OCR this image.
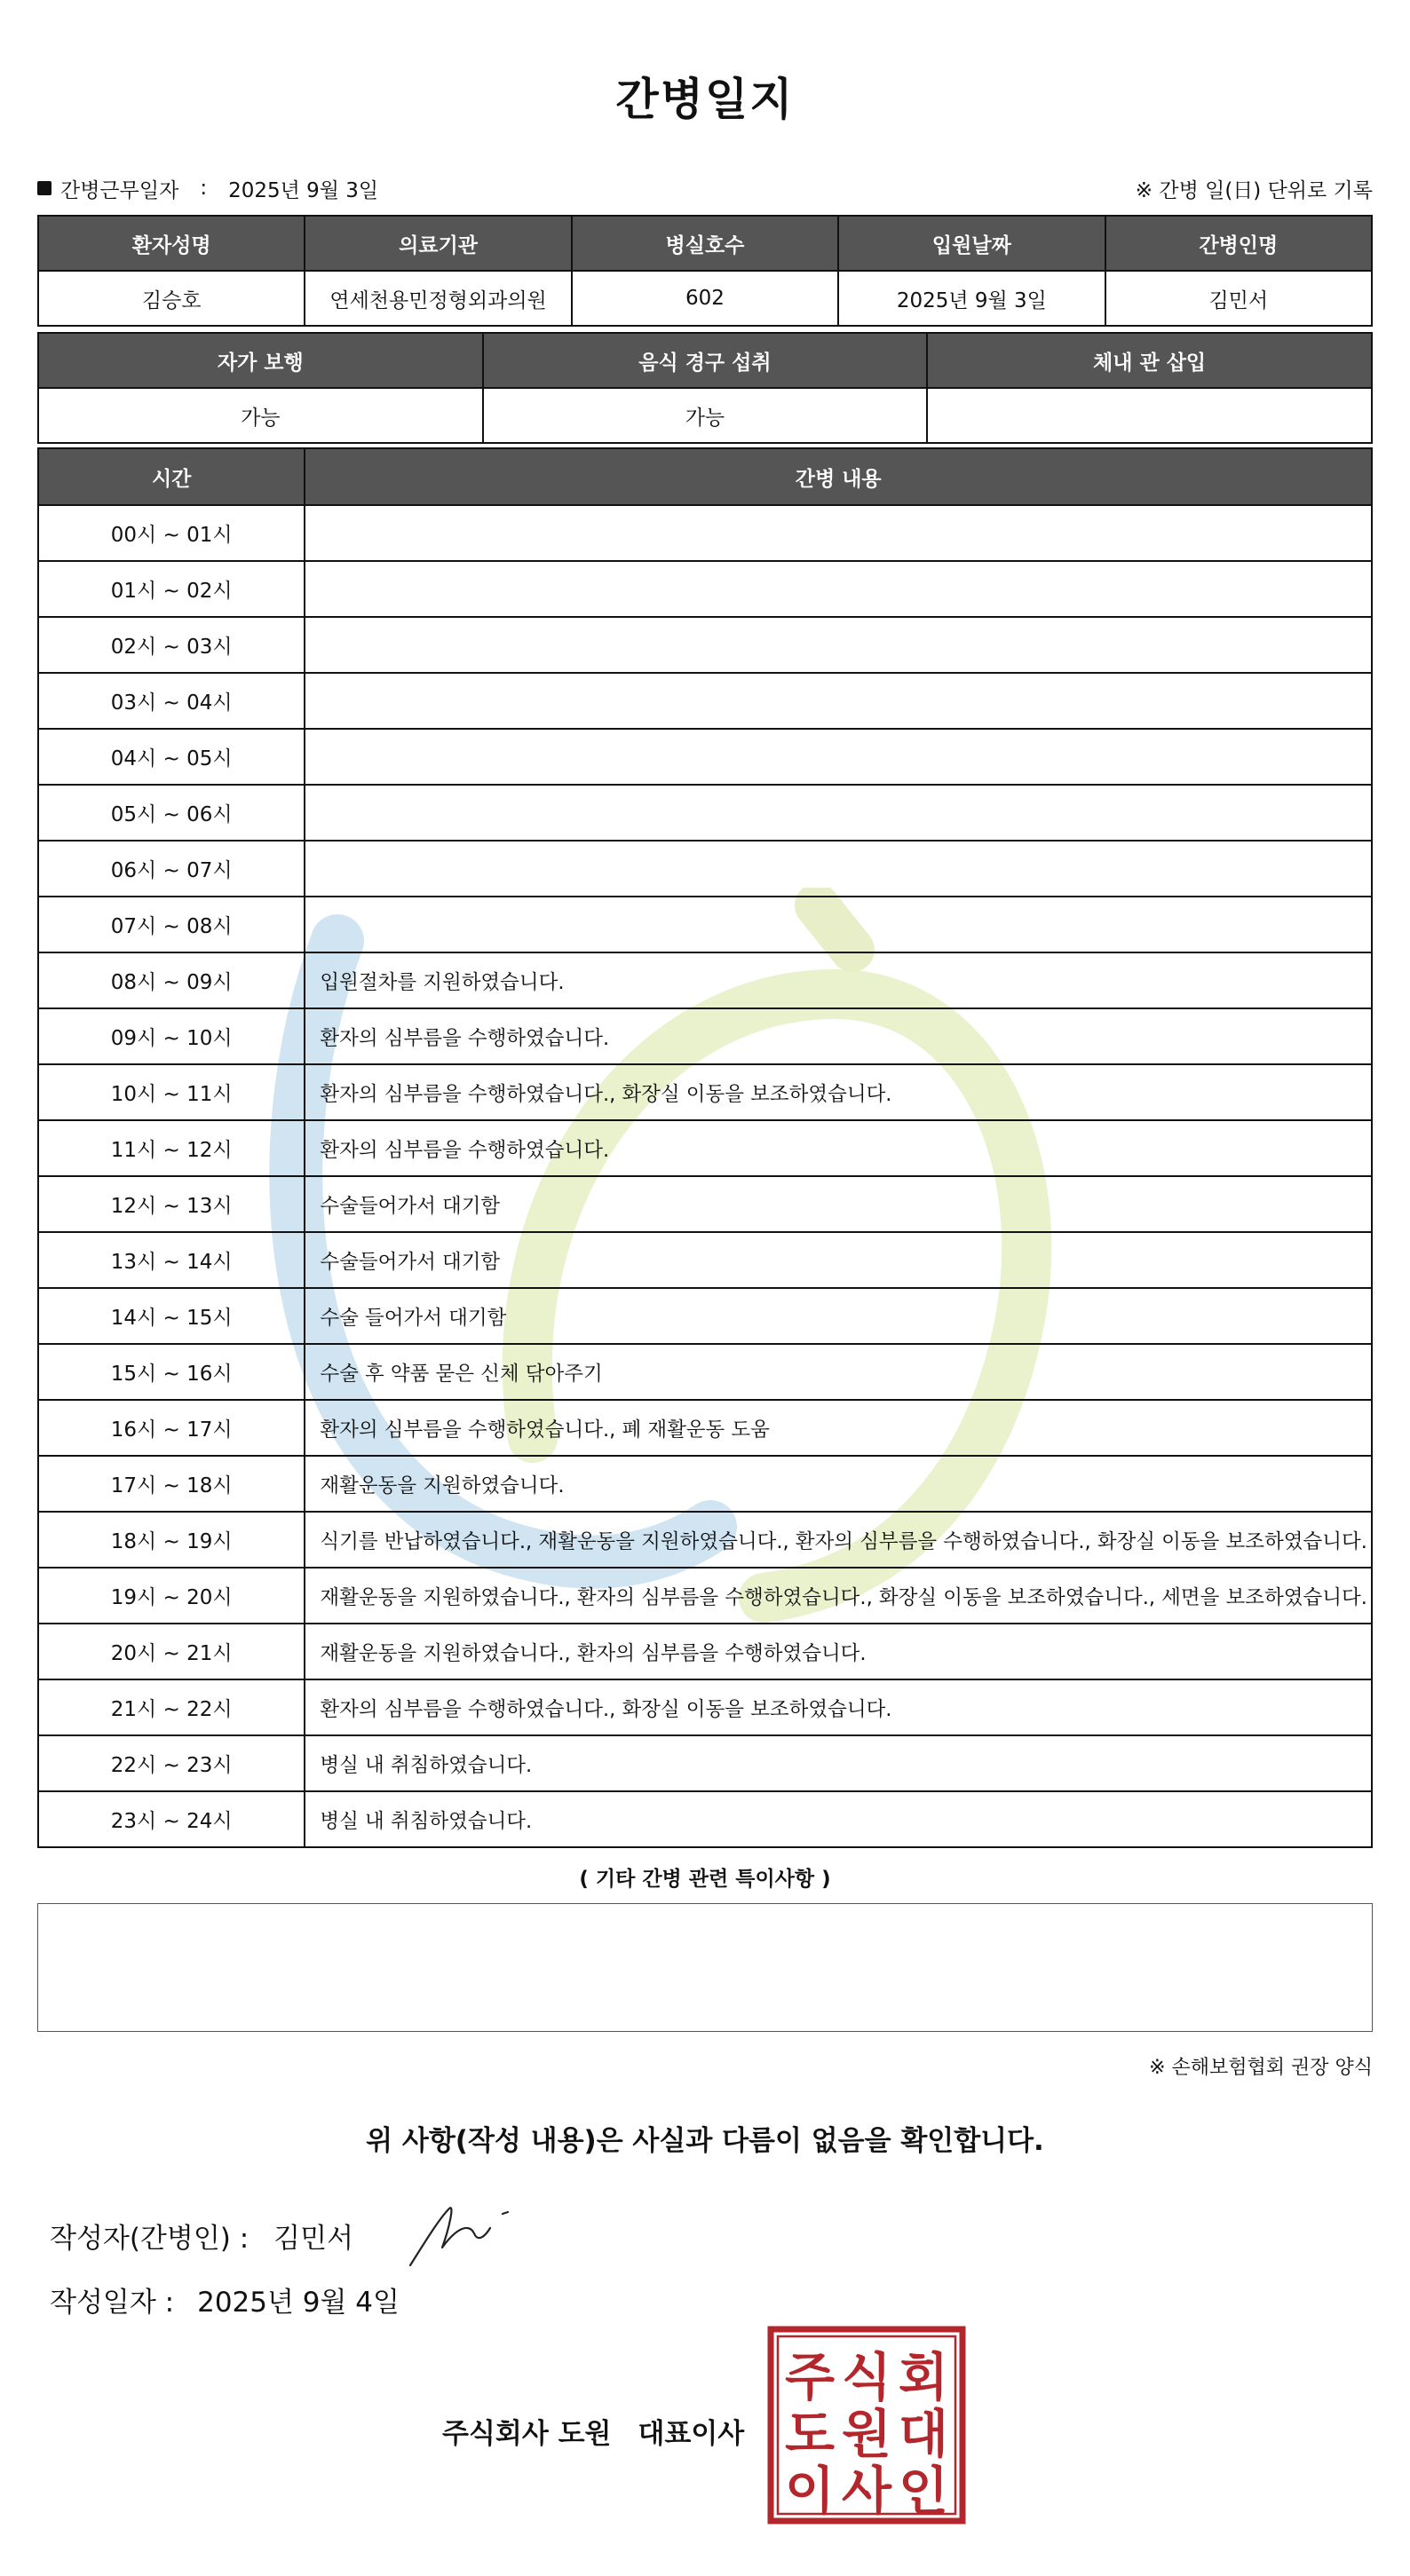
간병일지
간병근무일자 : 2025년 9월 3일	※ 간병 일(日) 단위로 기록
환자성명	의료기관	병실호수	입원날짜	간병인명
김승호	연세천용민정형외과의원	602	2025년 9월 3일	김민서
자가 보행	음식 경구 섭취	체내 관 삽입
가능	가능	
시간	간병 내용
00시 ~ 01시	
01시 ~ 02시	
02시 ~ 03시	
03시 ~ 04시	
04시 ~ 05시	
05시 ~ 06시	
06시 ~ 07시	
07시 ~ 08시	
08시 ~ 09시	입원절차를 지원하였습니다.
09시 ~ 10시	환자의 심부름을 수행하였습니다.
10시 ~ 11시	환자의 심부름을 수행하였습니다., 화장실 이동을 보조하였습니다.
11시 ~ 12시	환자의 심부름을 수행하였습니다.
12시 ~ 13시	수술들어가서 대기함
13시 ~ 14시	수술들어가서 대기함
14시 ~ 15시	수술 들어가서 대기함
15시 ~ 16시	수술 후 약품 묻은 신체 닦아주기
16시 ~ 17시	환자의 심부름을 수행하였습니다., 폐 재활운동 도움
17시 ~ 18시	재활운동을 지원하였습니다.
18시 ~ 19시	식기를 반납하였습니다., 재활운동을 지원하였습니다., 환자의 심부름을 수행하였습니다., 화장실 이동을 보조하였습니다.
19시 ~ 20시	재활운동을 지원하였습니다., 환자의 심부름을 수행하였습니다., 화장실 이동을 보조하였습니다., 세면을 보조하였습니다.
20시 ~ 21시	재활운동을 지원하였습니다., 환자의 심부름을 수행하였습니다.
21시 ~ 22시	환자의 심부름을 수행하였습니다., 화장실 이동을 보조하였습니다.
22시 ~ 23시	병실 내 취침하였습니다.
23시 ~ 24시	병실 내 취침하였습니다.
( 기타 간병 관련 특이사항 )
※ 손해보험협회 권장 양식
위 사항(작성 내용)은 사실과 다름이 없음을 확인합니다.
작성자(간병인) : 김민서
작성일자 : 2025년 9월 4일
주식회사 도원 대표이사
주 식 회
도 원 대
이 사 인
